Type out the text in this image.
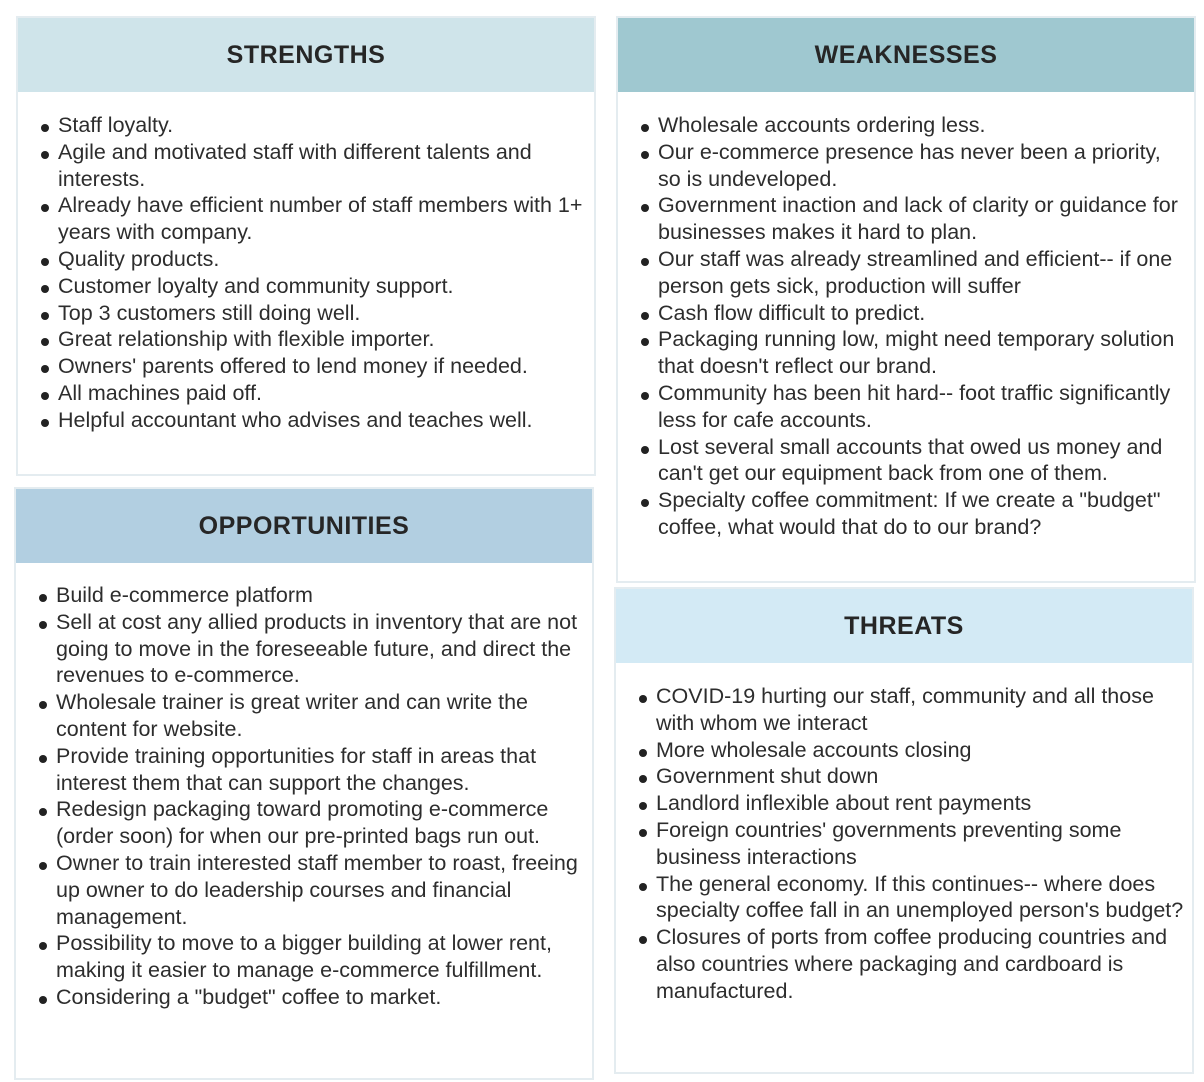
STRENGTHS
Staff loyalty.
Agile and motivated staff with different talents and interests.
Already have efficient number of staff members with 1+ years with company.
Quality products.
Customer loyalty and community support.
Top 3 customers still doing well.
Great relationship with flexible importer.
Owners' parents offered to lend money if needed.
All machines paid off.
Helpful accountant who advises and teaches well.
OPPORTUNITIES
Build e-commerce platform
Sell at cost any allied products in inventory that are not going to move in the foreseeable future, and direct the revenues to e-commerce.
Wholesale trainer is great writer and can write the content for website.
Provide training opportunities for staff in areas that interest them that can support the changes.
Redesign packaging toward promoting e-commerce (order soon) for when our pre-printed bags run out.
Owner to train interested staff member to roast, freeing up owner to do leadership courses and financial management.
Possibility to move to a bigger building at lower rent, making it easier to manage e-commerce fulfillment.
Considering a "budget" coffee to market.
WEAKNESSES
Wholesale accounts ordering less.
Our e-commerce presence has never been a priority, so is undeveloped.
Government inaction and lack of clarity or guidance for businesses makes it hard to plan.
Our staff was already streamlined and efficient-- if one person gets sick, production will suffer
Cash flow difficult to predict.
Packaging running low, might need temporary solution that doesn't reflect our brand.
Community has been hit hard-- foot traffic significantly less for cafe accounts.
Lost several small accounts that owed us money and can't get our equipment back from one of them.
Specialty coffee commitment: If we create a "budget" coffee, what would that do to our brand?
THREATS
COVID-19 hurting our staff, community and all those with whom we interact
More wholesale accounts closing
Government shut down
Landlord inflexible about rent payments
Foreign countries' governments preventing some business interactions
The general economy. If this continues-- where does specialty coffee fall in an unemployed person's budget?
Closures of ports from coffee producing countries and also countries where packaging and cardboard is manufactured.
